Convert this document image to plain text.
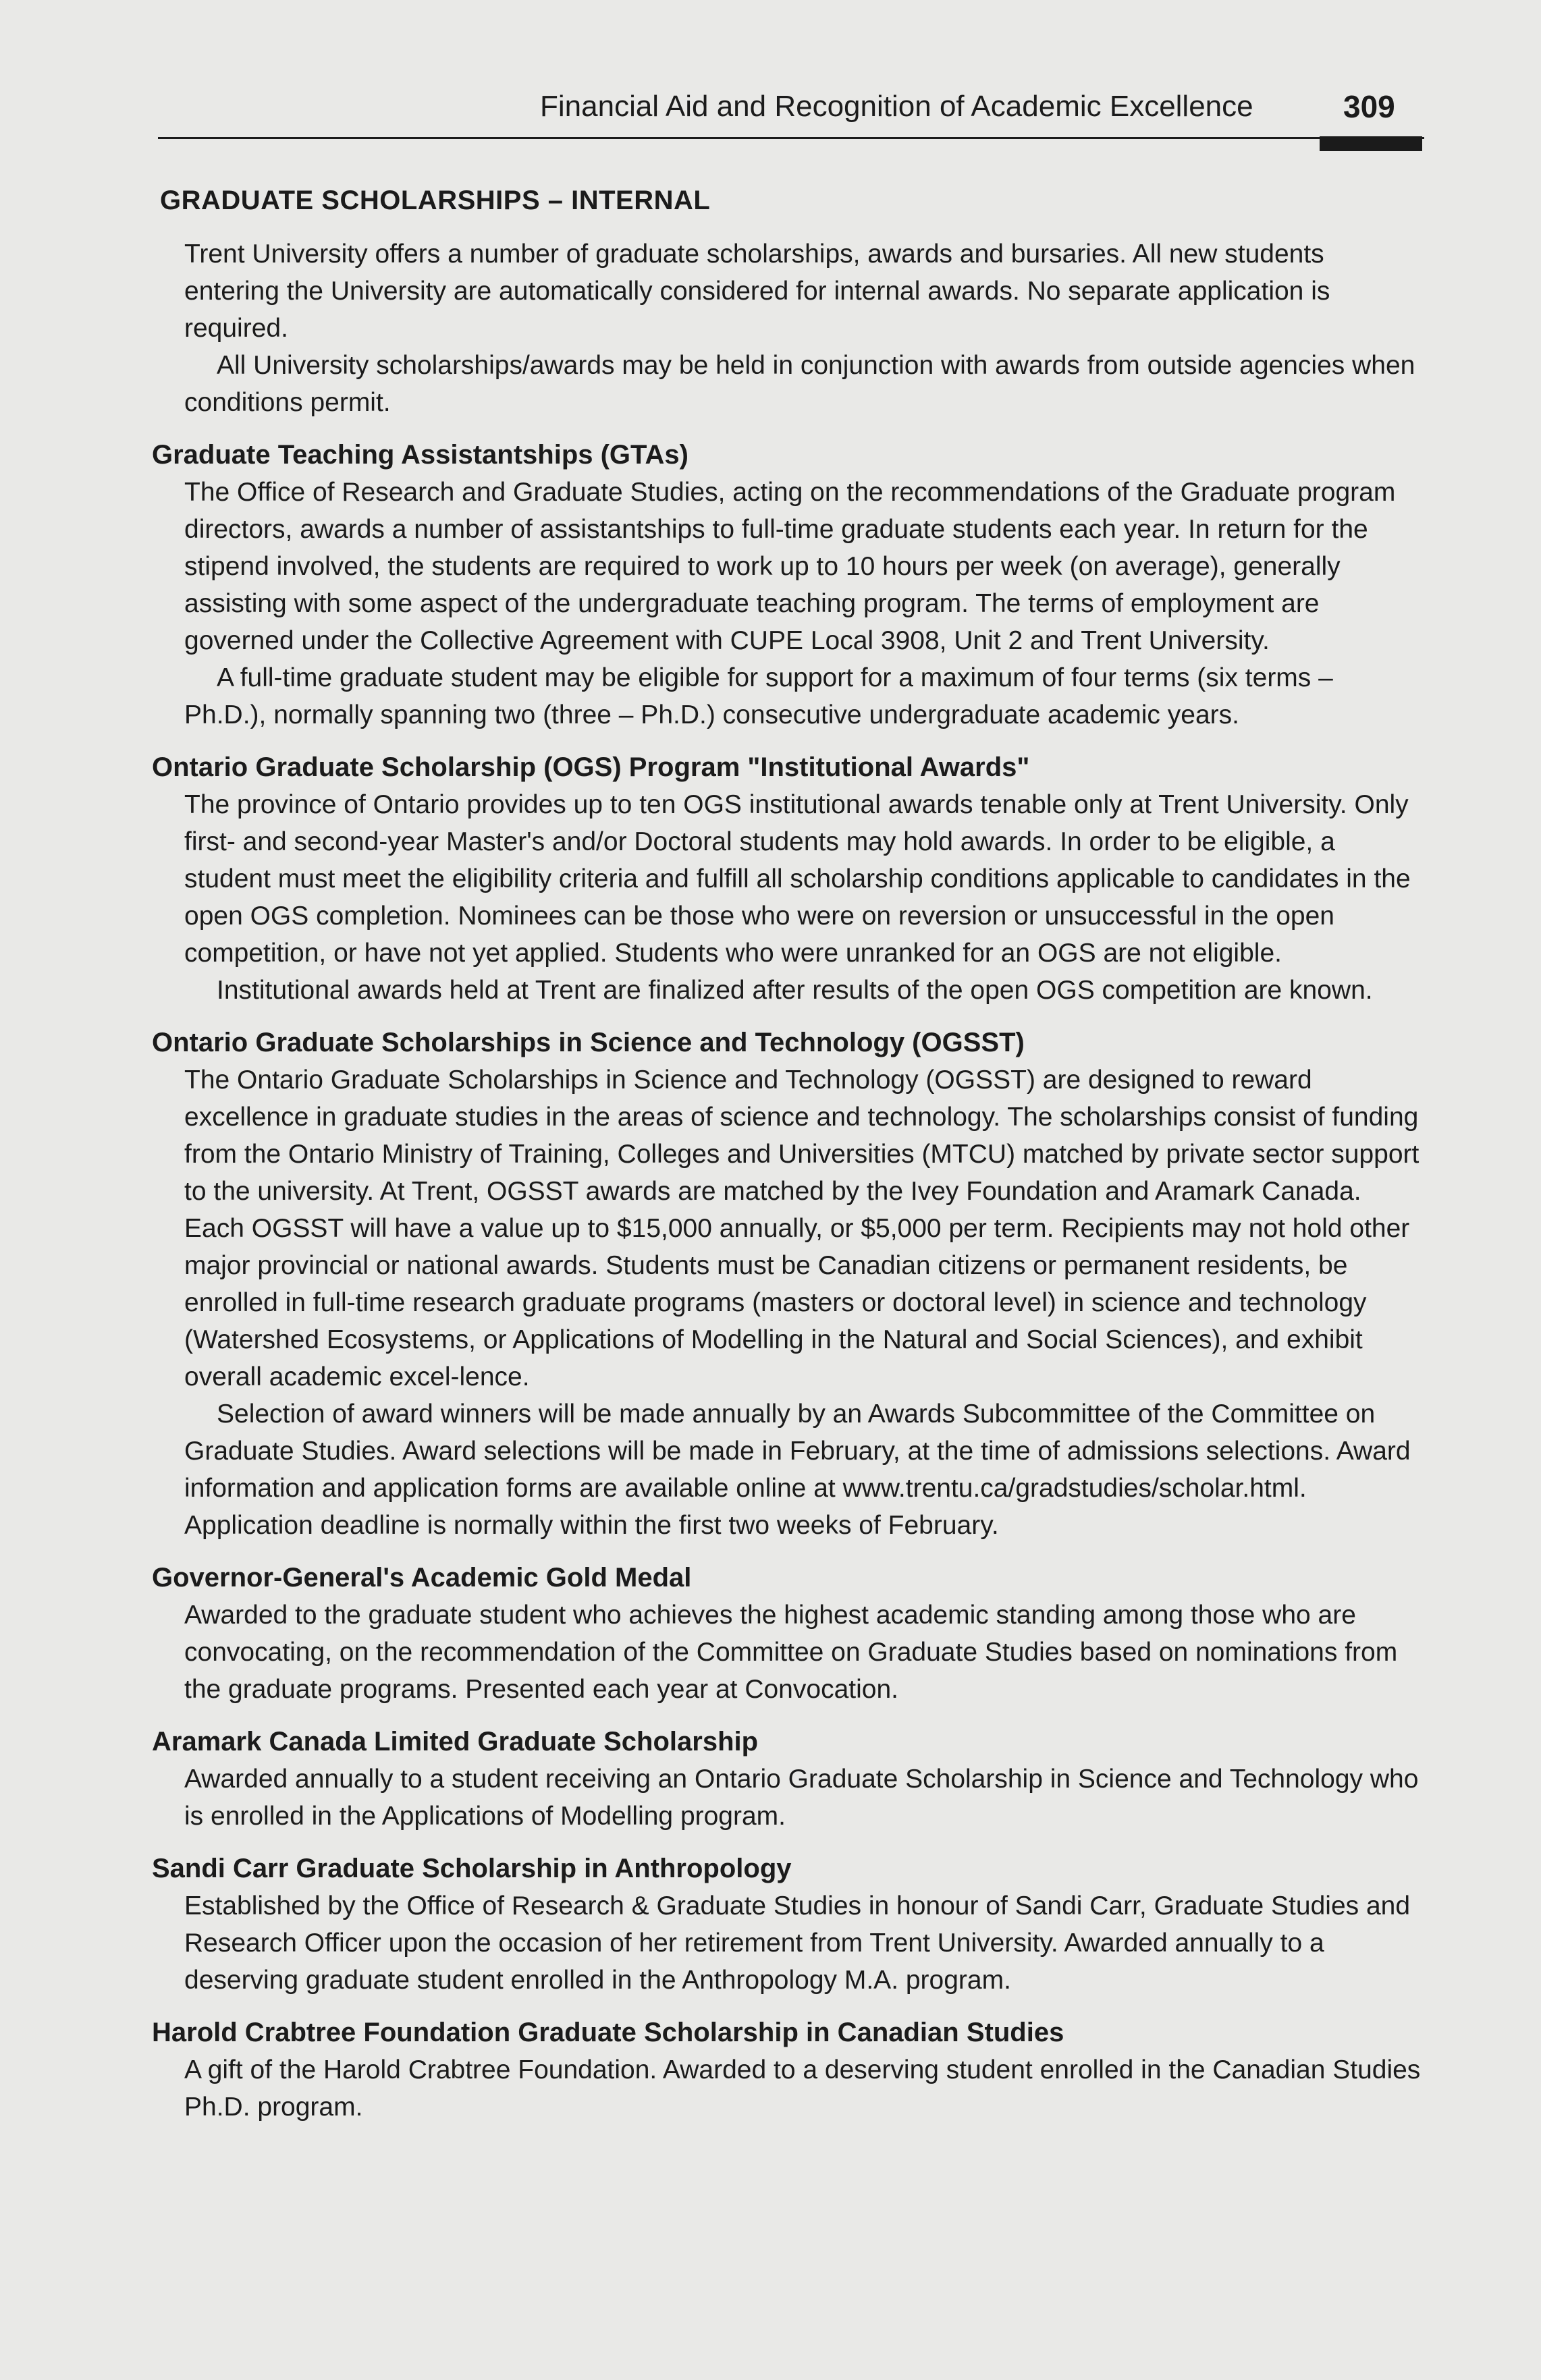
Financial Aid and Recognition of Academic Excellence	309
GRADUATE SCHOLARSHIPS – INTERNAL

Trent University offers a number of graduate scholarships, awards and bursaries. All new students entering the University are automatically considered for internal awards. No separate application is required.

All University scholarships/awards may be held in conjunction with awards from outside agencies when conditions permit.

Graduate Teaching Assistantships (GTAs)

The Office of Research and Graduate Studies, acting on the recommendations of the Graduate program directors, awards a number of assistantships to full-time graduate students each year. In return for the stipend involved, the students are required to work up to 10 hours per week (on average), generally assisting with some aspect of the undergraduate teaching program. The terms of employment are governed under the Collective Agreement with CUPE Local 3908, Unit 2 and Trent University.

A full-time graduate student may be eligible for support for a maximum of four terms (six terms – Ph.D.), normally spanning two (three – Ph.D.) consecutive undergraduate academic years.

Ontario Graduate Scholarship (OGS) Program "Institutional Awards"

The province of Ontario provides up to ten OGS institutional awards tenable only at Trent University. Only first- and second-year Master's and/or Doctoral students may hold awards. In order to be eligible, a student must meet the eligibility criteria and fulfill all scholarship conditions applicable to candidates in the open OGS completion. Nominees can be those who were on reversion or unsuccessful in the open competition, or have not yet applied. Students who were unranked for an OGS are not eligible.

Institutional awards held at Trent are finalized after results of the open OGS competition are known.

Ontario Graduate Scholarships in Science and Technology (OGSST)

The Ontario Graduate Scholarships in Science and Technology (OGSST) are designed to reward excellence in graduate studies in the areas of science and technology. The scholarships consist of funding from the Ontario Ministry of Training, Colleges and Universities (MTCU) matched by private sector support to the university. At Trent, OGSST awards are matched by the Ivey Foundation and Aramark Canada. Each OGSST will have a value up to $15,000 annually, or $5,000 per term. Recipients may not hold other major provincial or national awards. Students must be Canadian citizens or permanent residents, be enrolled in full-time research graduate programs (masters or doctoral level) in science and technology (Watershed Ecosystems, or Applications of Modelling in the Natural and Social Sciences), and exhibit overall academic excel-lence.

Selection of award winners will be made annually by an Awards Subcommittee of the Committee on Graduate Studies. Award selections will be made in February, at the time of admissions selections. Award information and application forms are available online at www.trentu.ca/gradstudies/scholar.html. Application deadline is normally within the first two weeks of February.

Governor-General's Academic Gold Medal

Awarded to the graduate student who achieves the highest academic standing among those who are convocating, on the recommendation of the Committee on Graduate Studies based on nominations from the graduate programs. Presented each year at Convocation.

Aramark Canada Limited Graduate Scholarship

Awarded annually to a student receiving an Ontario Graduate Scholarship in Science and Technology who is enrolled in the Applications of Modelling program.

Sandi Carr Graduate Scholarship in Anthropology

Established by the Office of Research & Graduate Studies in honour of Sandi Carr, Graduate Studies and Research Officer upon the occasion of her retirement from Trent University. Awarded annually to a deserving graduate student enrolled in the Anthropology M.A. program.

Harold Crabtree Foundation Graduate Scholarship in Canadian Studies

A gift of the Harold Crabtree Foundation. Awarded to a deserving student enrolled in the Canadian Studies Ph.D. program.
